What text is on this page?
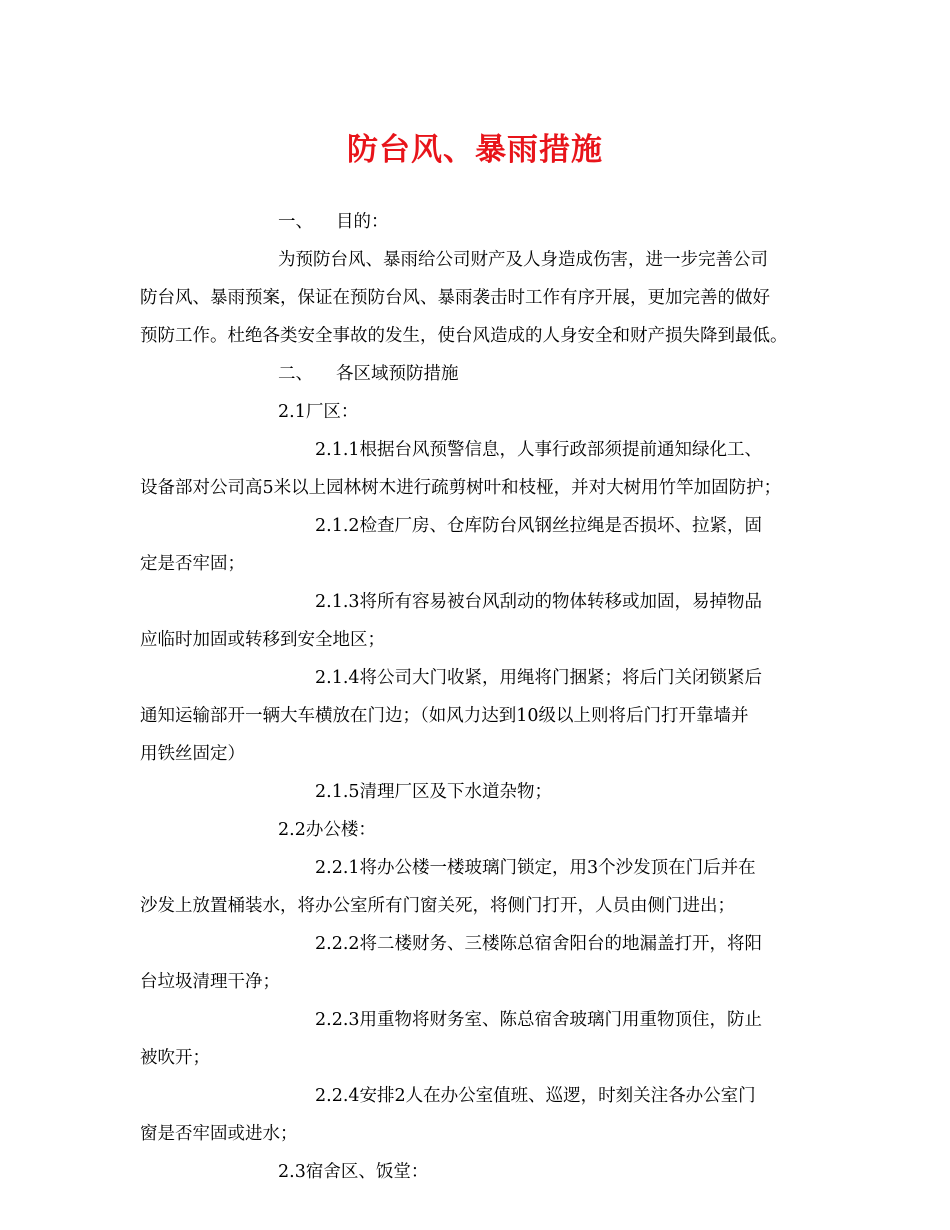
防台风、暴雨措施
一、 目的：
为预防台风、暴雨给公司财产及人身造成伤害，进一步完善公司
防台风、暴雨预案，保证在预防台风、暴雨袭击时工作有序开展，更加完善的做好
预防工作。杜绝各类安全事故的发生，使台风造成的人身安全和财产损失降到最低。
二、 各区域预防措施
2.1厂区：
2.1.1根据台风预警信息，人事行政部须提前通知绿化工、
设备部对公司高5米以上园林树木进行疏剪树叶和枝桠，并对大树用竹竿加固防护；
2.1.2检查厂房、仓库防台风钢丝拉绳是否损坏、拉紧，固
定是否牢固；
2.1.3将所有容易被台风刮动的物体转移或加固，易掉物品
应临时加固或转移到安全地区；
2.1.4将公司大门收紧，用绳将门捆紧；将后门关闭锁紧后
通知运输部开一辆大车横放在门边；（如风力达到10级以上则将后门打开靠墙并
用铁丝固定）
2.1.5清理厂区及下水道杂物；
2.2办公楼：
2.2.1将办公楼一楼玻璃门锁定，用3个沙发顶在门后并在
沙发上放置桶装水，将办公室所有门窗关死，将侧门打开，人员由侧门进出；
2.2.2将二楼财务、三楼陈总宿舍阳台的地漏盖打开，将阳
台垃圾清理干净；
2.2.3用重物将财务室、陈总宿舍玻璃门用重物顶住，防止
被吹开；
2.2.4安排2人在办公室值班、巡逻，时刻关注各办公室门
窗是否牢固或进水；
2.3宿舍区、饭堂：
